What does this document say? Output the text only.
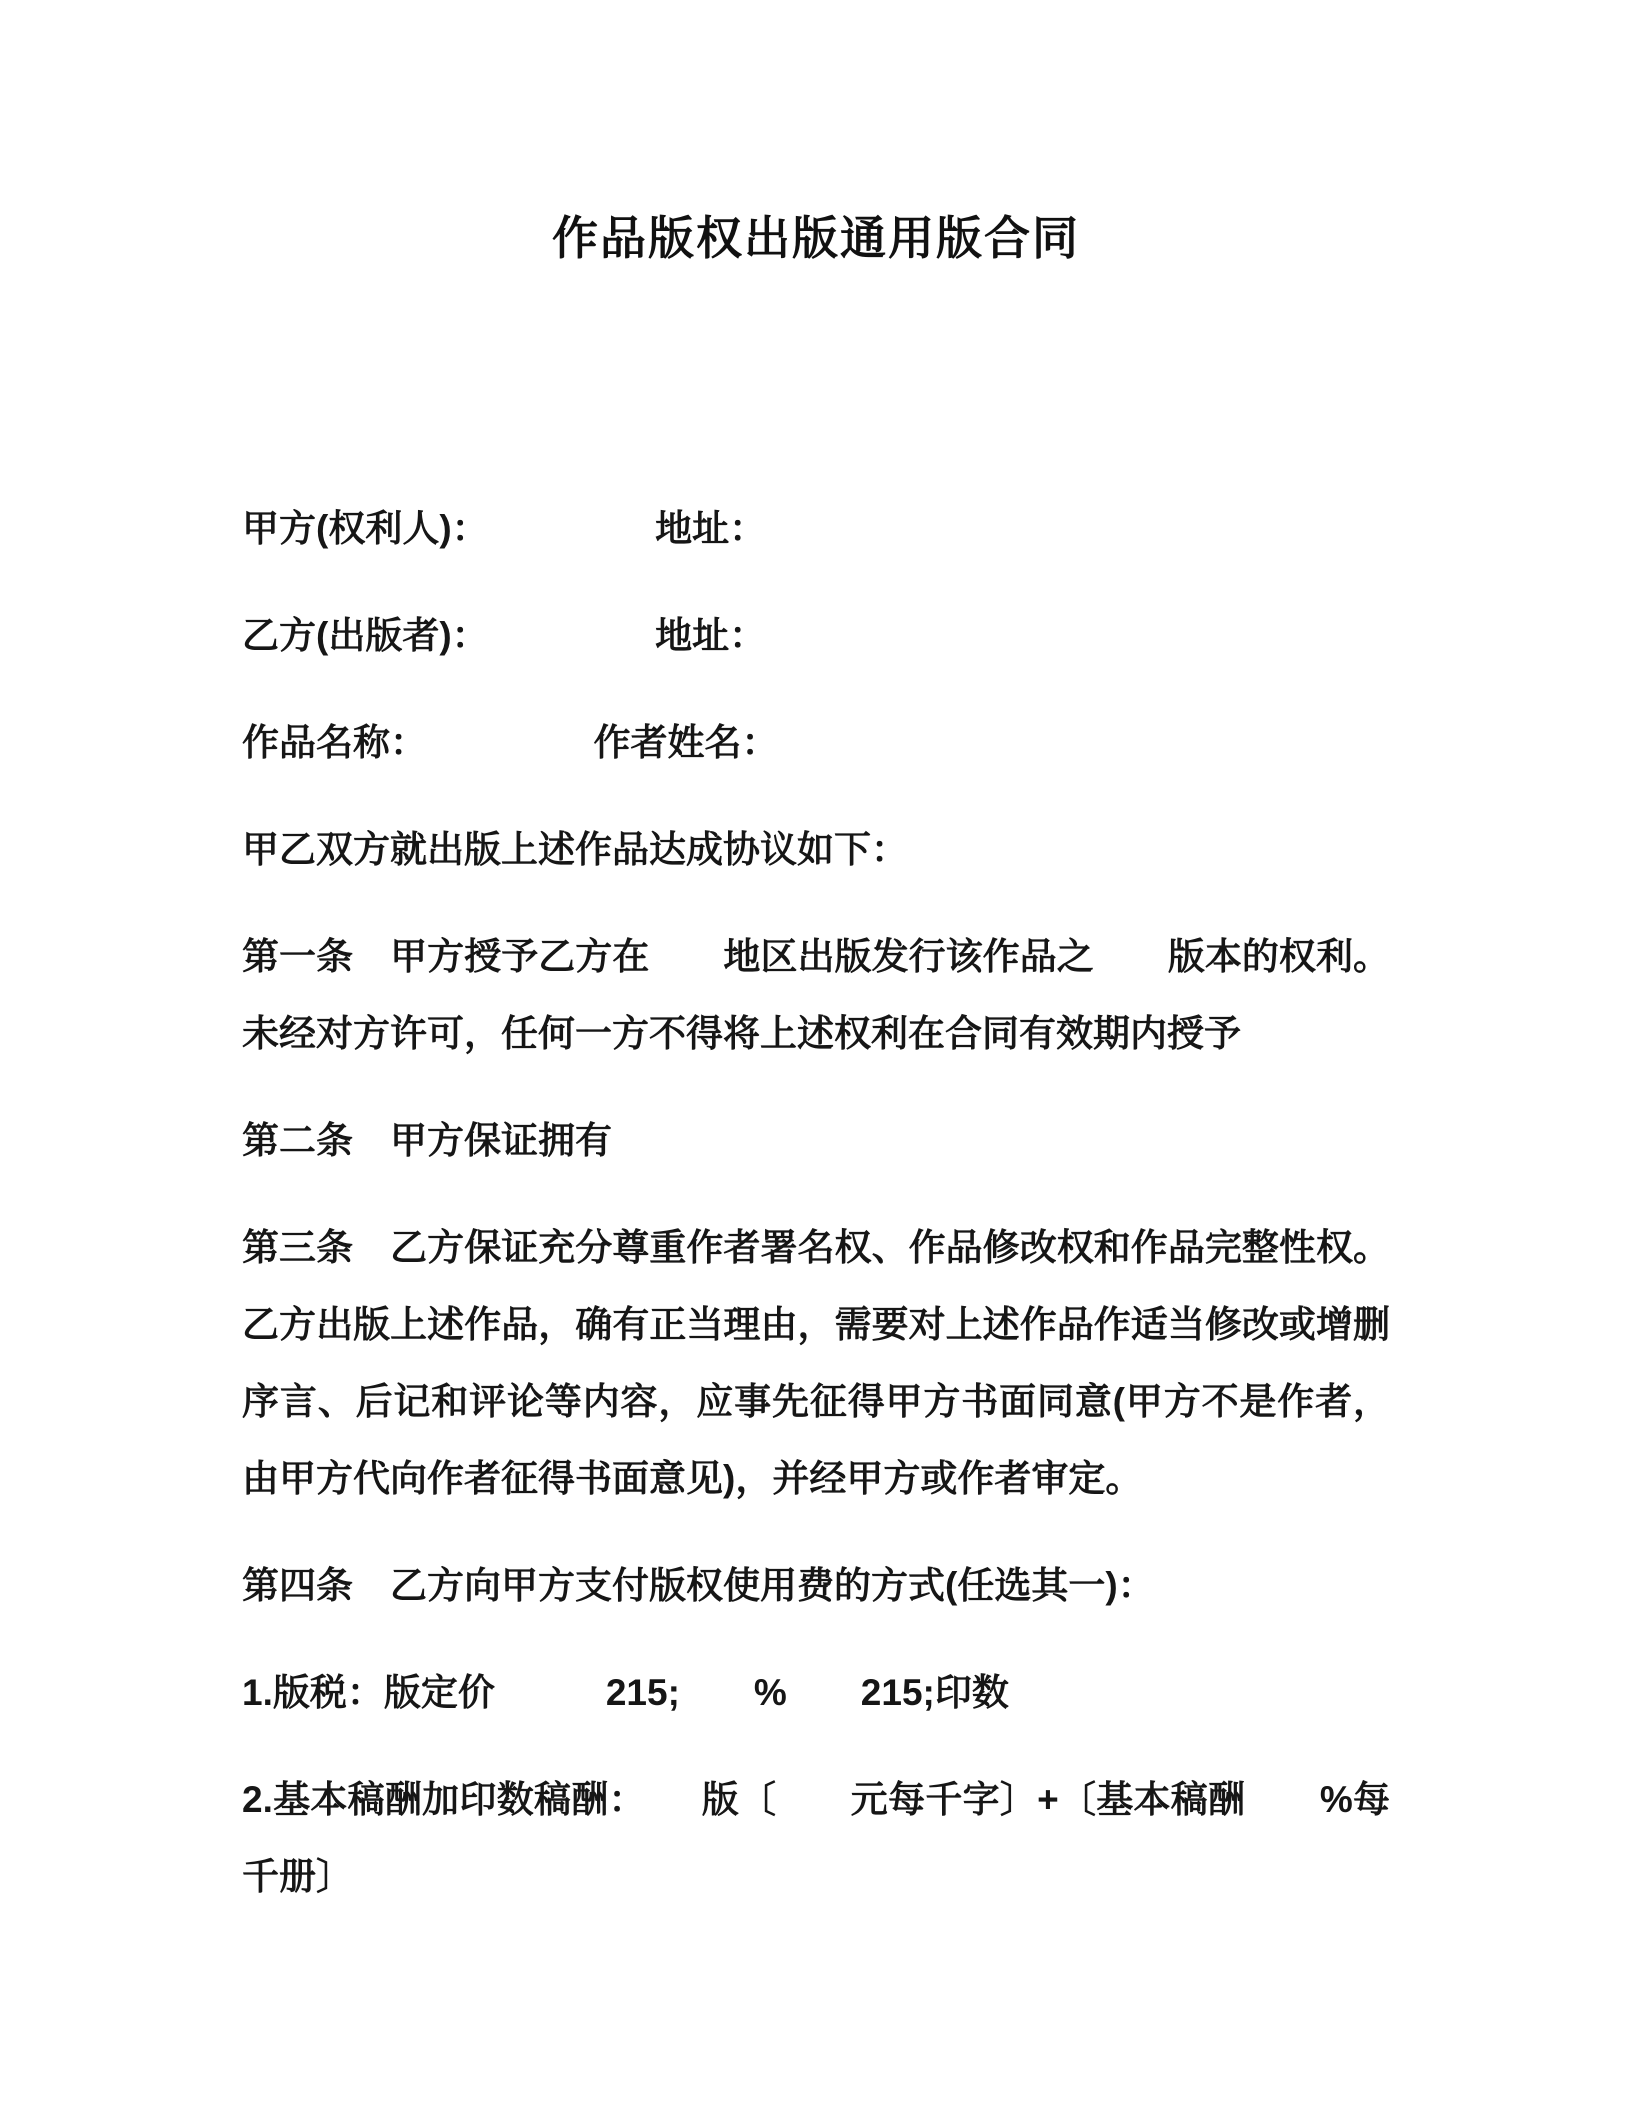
作品版权出版通用版合同

甲方(权利人)：　　　　　地址：

乙方(出版者)：　　　　　地址：

作品名称：　　　　　作者姓名：

甲乙双方就出版上述作品达成协议如下：

第一条　甲方授予乙方在　　地区出版发行该作品之　　版本的权利。未经对方许可，任何一方不得将上述权利在合同有效期内授予

第二条　甲方保证拥有

第三条　乙方保证充分尊重作者署名权、作品修改权和作品完整性权。乙方出版上述作品，确有正当理由，需要对上述作品作适当修改或增删序言、后记和评论等内容，应事先征得甲方书面同意(甲方不是作者，由甲方代向作者征得书面意见)，并经甲方或作者审定。

第四条　乙方向甲方支付版权使用费的方式(任选其一)：

1.版税：版定价　　　215;　　%　　215;印数

2.基本稿酬加印数稿酬：　　版〔　　元每千字〕+〔基本稿酬　　%每千册〕
